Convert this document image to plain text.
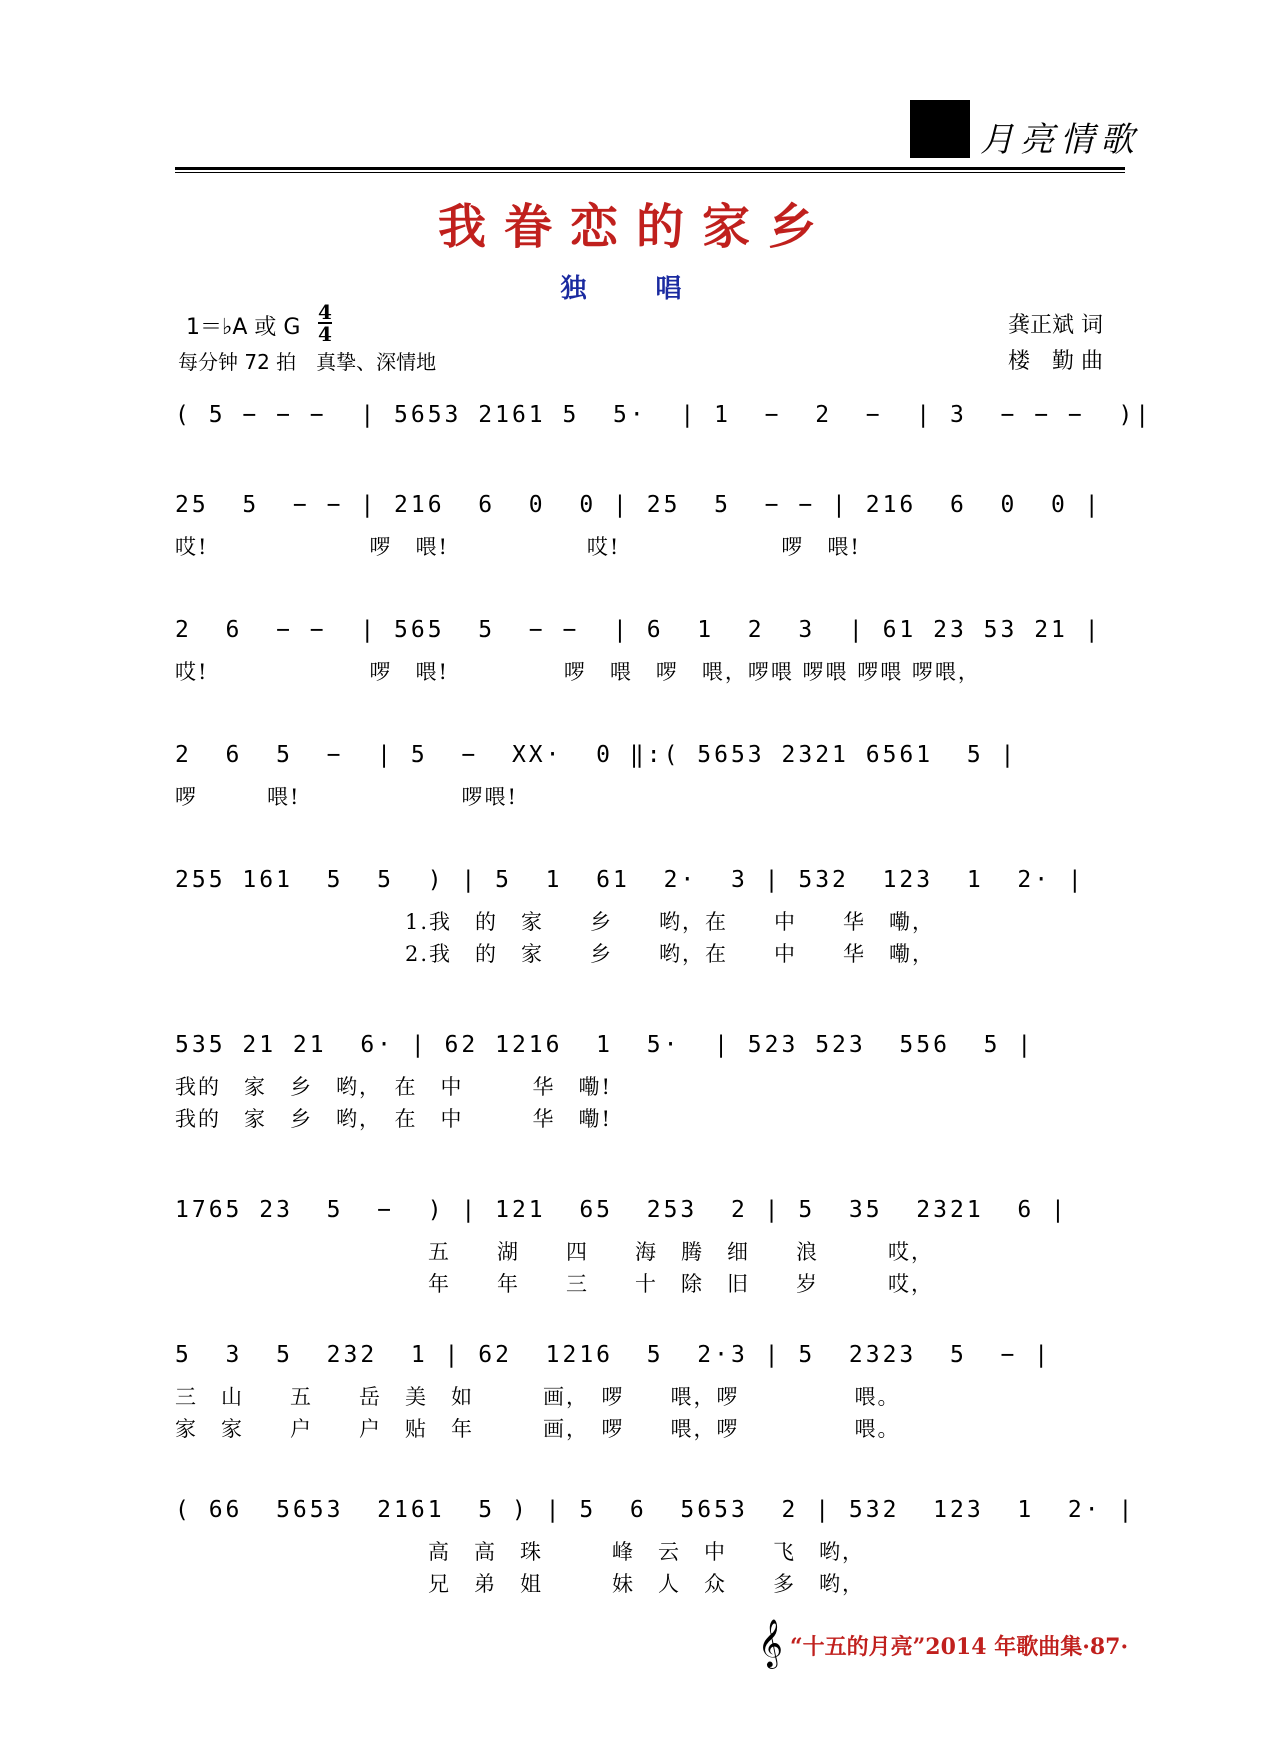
月亮情歌
我眷恋的家乡
独 唱
1＝♭A 或 G
4
4
每分钟 72 拍　真挚、深情地
龚正斌 词
楼　勤 曲
( 5 − − −  | 5653 2161 5  5·  | 1  −  2  −  | 3  − − −  )|
25  5  − − | 216  6  0  0 | 25  5  − − | 216  6  0  0 |
哎!　　　　　　　啰　喂!　　　　　　哎!　　　　　　　啰　喂!
2  6  − −  | 565  5  − −  | 6  1  2  3  | 61 23 53 21 |
哎!　　　　　　　啰　喂!　　　　　啰　喂　啰　喂，啰喂 啰喂 啰喂 啰喂，
2  6  5  −  | 5  −  XX·  0 ‖:( 5653 2321 6561  5 |
啰　　　喂!　　　　　　　啰喂!
255 161  5  5  ) | 5  1  61  2·  3 | 532  123  1  2· |
　　　　　　　　　　1.我　的　家　　乡　　哟，在　　中　　华　嘞，
　　　　　　　　　　2.我　的　家　　乡　　哟，在　　中　　华　嘞，
535 21 21  6· | 62 1216  1  5·  | 523 523  556  5 |
我的　家　乡　哟，　在　中　　　华　嘞!
我的　家　乡　哟，　在　中　　　华　嘞!
1765 23  5  −  ) | 121  65  253  2 | 5  35  2321  6 |
　　　　　　　　　　　五　　湖　　四　　海　腾　细　　浪　　　哎，
　　　　　　　　　　　年　　年　　三　　十　除　旧　　岁　　　哎，
5  3  5  232  1 | 62  1216  5  2·3 | 5  2323  5  − |
三　山　　五　　岳　美　如　　　画，　啰　　喂，啰　　　　　喂。
家　家　　户　　户　贴　年　　　画，　啰　　喂，啰　　　　　喂。
( 66  5653  2161  5 ) | 5  6  5653  2 | 532  123  1  2· |
　　　　　　　　　　　高　高　珠　　　峰　云　中　　飞　哟，
　　　　　　　　　　　兄　弟　姐　　　妹　人　众　　多　哟，
𝄞 “十五的月亮”2014 年歌曲集·87·
